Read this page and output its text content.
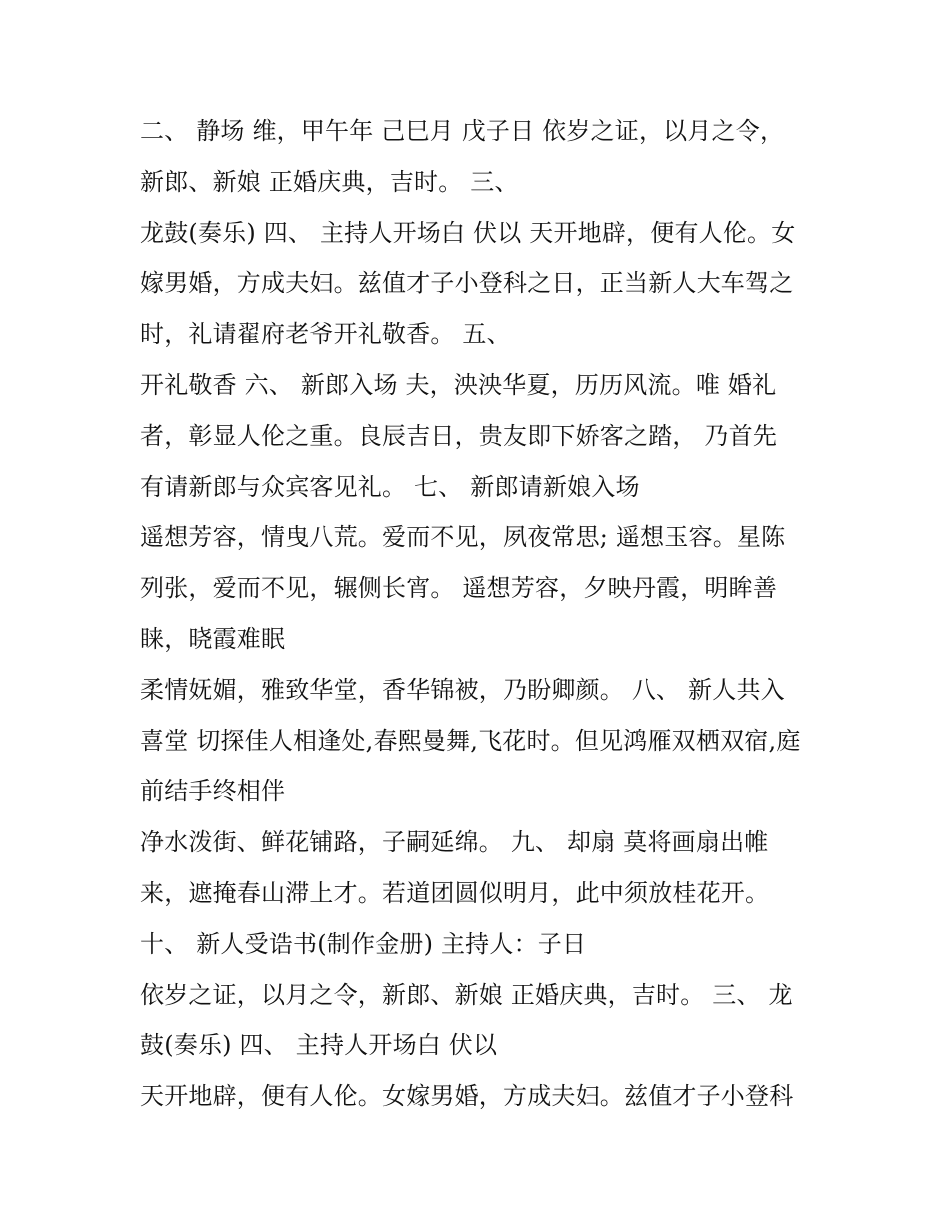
二、 静场 维，甲午年 己巳月 戊子日 依岁之证，以月之令，
新郎、新娘 正婚庆典，吉时。 三、
龙鼓(奏乐) 四、 主持人开场白 伏以 天开地辟，便有人伦。女
嫁男婚，方成夫妇。兹值才子小登科之日，正当新人大车驾之
时，礼请翟府老爷开礼敬香。 五、
开礼敬香 六、 新郎入场 夫，泱泱华夏，历历风流。唯 婚礼
者，彰显人伦之重。良辰吉日，贵友即下娇客之踏， 乃首先
有请新郎与众宾客见礼。 七、 新郎请新娘入场
遥想芳容，情曳八荒。爱而不见，夙夜常思; 遥想玉容。星陈
列张，爱而不见，辗侧长宵。 遥想芳容，夕映丹霞，明眸善
睐，晓霞难眠
柔情妩媚，雅致华堂，香华锦被，乃盼卿颜。 八、 新人共入
喜堂 切探佳人相逢处,春熙曼舞,飞花时。但见鸿雁双栖双宿,庭
前结手终相伴
净水泼街、鲜花铺路，子嗣延绵。 九、 却扇 莫将画扇出帷
来，遮掩春山滞上才。若道团圆似明月，此中须放桂花开。
十、 新人受诰书(制作金册) 主持人：子日
依岁之证，以月之令，新郎、新娘 正婚庆典，吉时。 三、 龙
鼓(奏乐) 四、 主持人开场白 伏以
天开地辟，便有人伦。女嫁男婚，方成夫妇。兹值才子小登科
